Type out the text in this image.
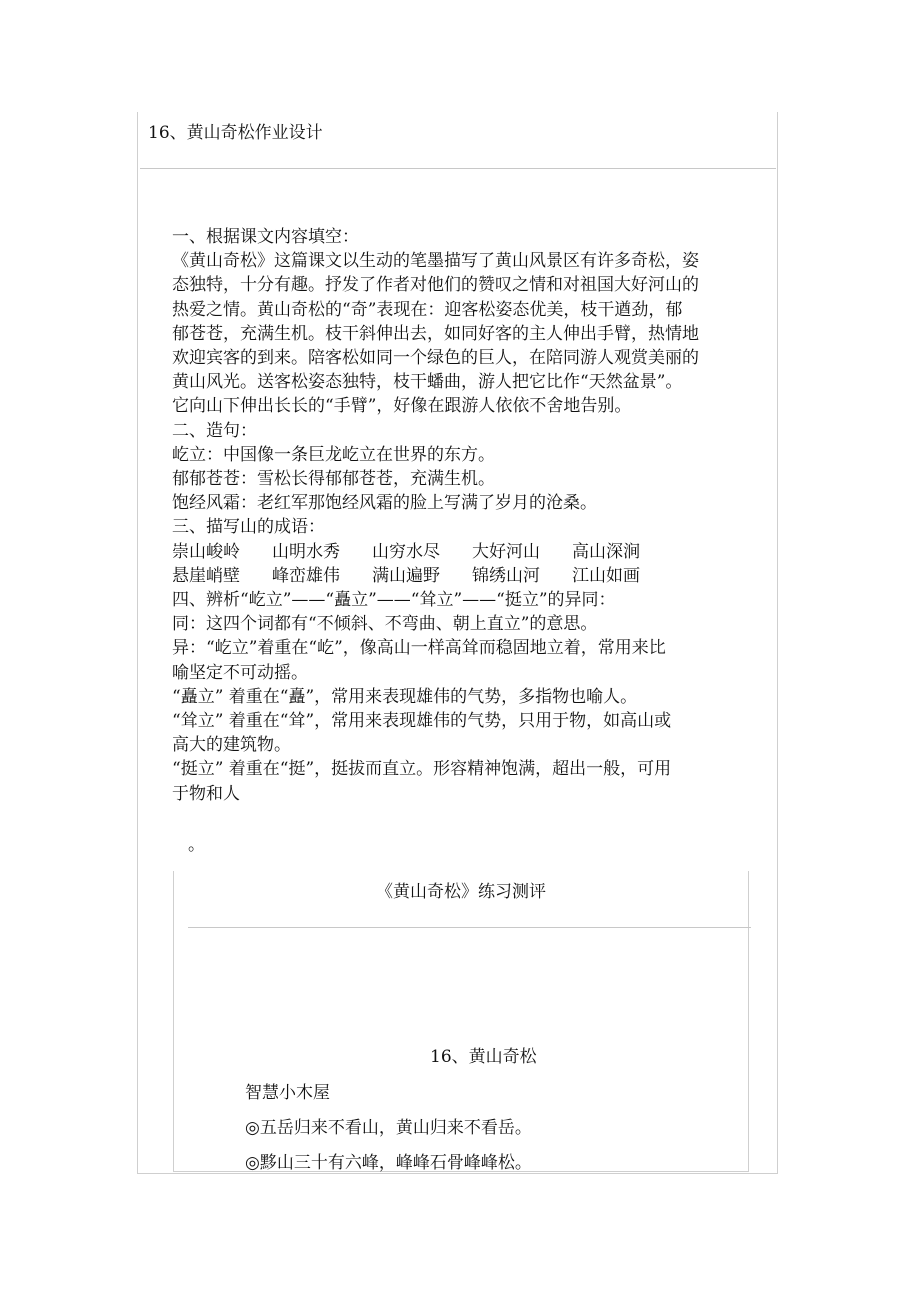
16、黄山奇松作业设计

一、根据课文内容填空：

《黄山奇松》这篇课文以生动的笔墨描写了黄山风景区有许多奇松，姿

态独特，十分有趣。抒发了作者对他们的赞叹之情和对祖国大好河山的

热爱之情。黄山奇松的“奇”表现在：迎客松姿态优美，枝干遒劲，郁

郁苍苍，充满生机。枝干斜伸出去，如同好客的主人伸出手臂，热情地

欢迎宾客的到来。陪客松如同一个绿色的巨人，在陪同游人观赏美丽的

黄山风光。送客松姿态独特，枝干蟠曲，游人把它比作“天然盆景”。

它向山下伸出长长的“手臂”，好像在跟游人依依不舍地告别。

二、造句：

屹立：中国像一条巨龙屹立在世界的东方。

郁郁苍苍：雪松长得郁郁苍苍，充满生机。

饱经风霜：老红军那饱经风霜的脸上写满了岁月的沧桑。

三、描写山的成语：

崇山峻岭 山明水秀 山穷水尽 大好河山 高山深涧

悬崖峭壁 峰峦雄伟 满山遍野 锦绣山河 江山如画

四、辨析“屹立”——“矗立”——“耸立”——“挺立”的异同：

同：这四个词都有“不倾斜、不弯曲、朝上直立”的意思。

异：“屹立”着重在“屹”，像高山一样高耸而稳固地立着，常用来比

喻坚定不可动摇。

“矗立” 着重在“矗”，常用来表现雄伟的气势，多指物也喻人。

“耸立” 着重在“耸”，常用来表现雄伟的气势，只用于物，如高山或

高大的建筑物。

“挺立” 着重在“挺”，挺拔而直立。形容精神饱满，超出一般，可用

于物和人

。
《黄山奇松》练习测评
16、黄山奇松

智慧小木屋

◎五岳归来不看山，黄山归来不看岳。

◎黟山三十有六峰，峰峰石骨峰峰松。
